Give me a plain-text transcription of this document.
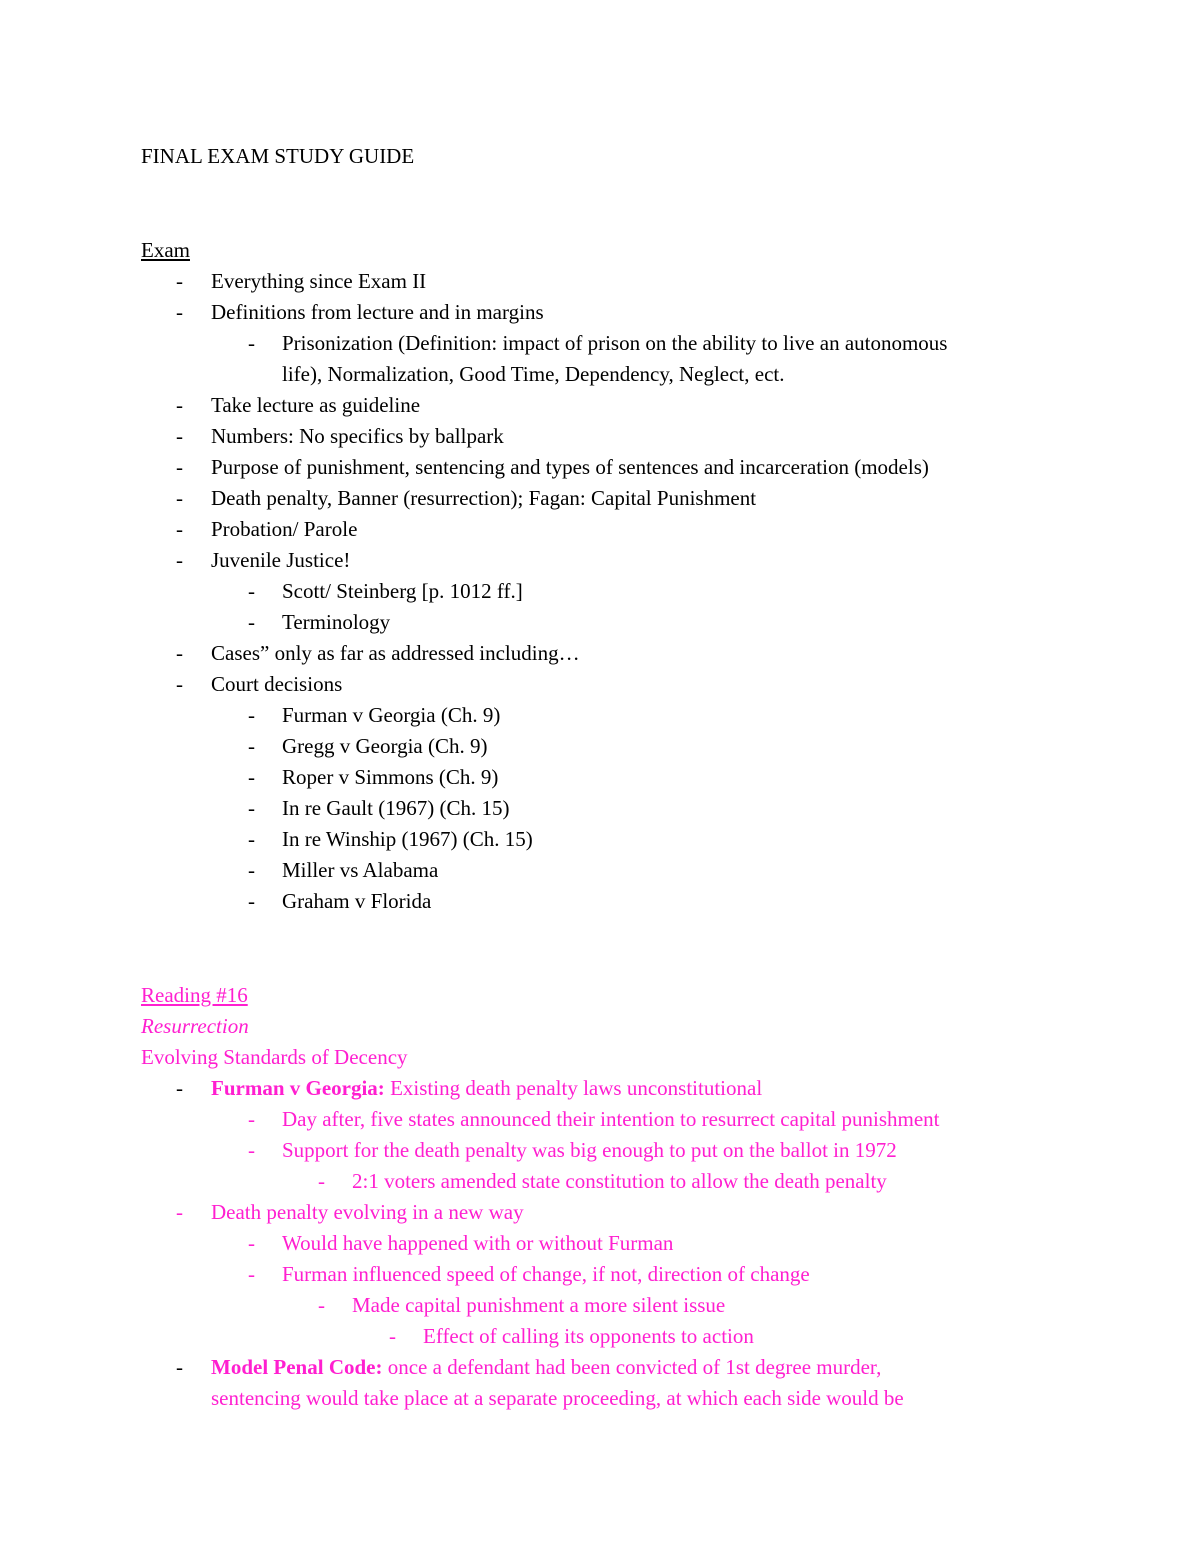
FINAL EXAM STUDY GUIDE
Exam
-	Everything since Exam II
-	Definitions from lecture and in margins
-	Prisonization (Definition: impact of prison on the ability to live an autonomous
life), Normalization, Good Time, Dependency, Neglect, ect.
-	Take lecture as guideline
-	Numbers: No specifics by ballpark
-	Purpose of punishment, sentencing and types of sentences and incarceration (models)
-	Death penalty, Banner (resurrection); Fagan: Capital Punishment
-	Probation/ Parole
-	Juvenile Justice!
-	Scott/ Steinberg [p. 1012 ff.]
-	Terminology
-	Cases” only as far as addressed including…
-	Court decisions
-	Furman v Georgia (Ch. 9)
-	Gregg v Georgia (Ch. 9)
-	Roper v Simmons (Ch. 9)
-	In re Gault (1967) (Ch. 15)
-	In re Winship (1967) (Ch. 15)
-	Miller vs Alabama
-	Graham v Florida
Reading #16
Resurrection
Evolving Standards of Decency
-	Furman v Georgia: Existing death penalty laws unconstitutional
-	Day after, five states announced their intention to resurrect capital punishment
-	Support for the death penalty was big enough to put on the ballot in 1972
-	2:1 voters amended state constitution to allow the death penalty
-	Death penalty evolving in a new way
-	Would have happened with or without Furman
-	Furman influenced speed of change, if not, direction of change
-	Made capital punishment a more silent issue
-	Effect of calling its opponents to action
-	Model Penal Code: once a defendant had been convicted of 1st degree murder,
sentencing would take place at a separate proceeding, at which each side would be
